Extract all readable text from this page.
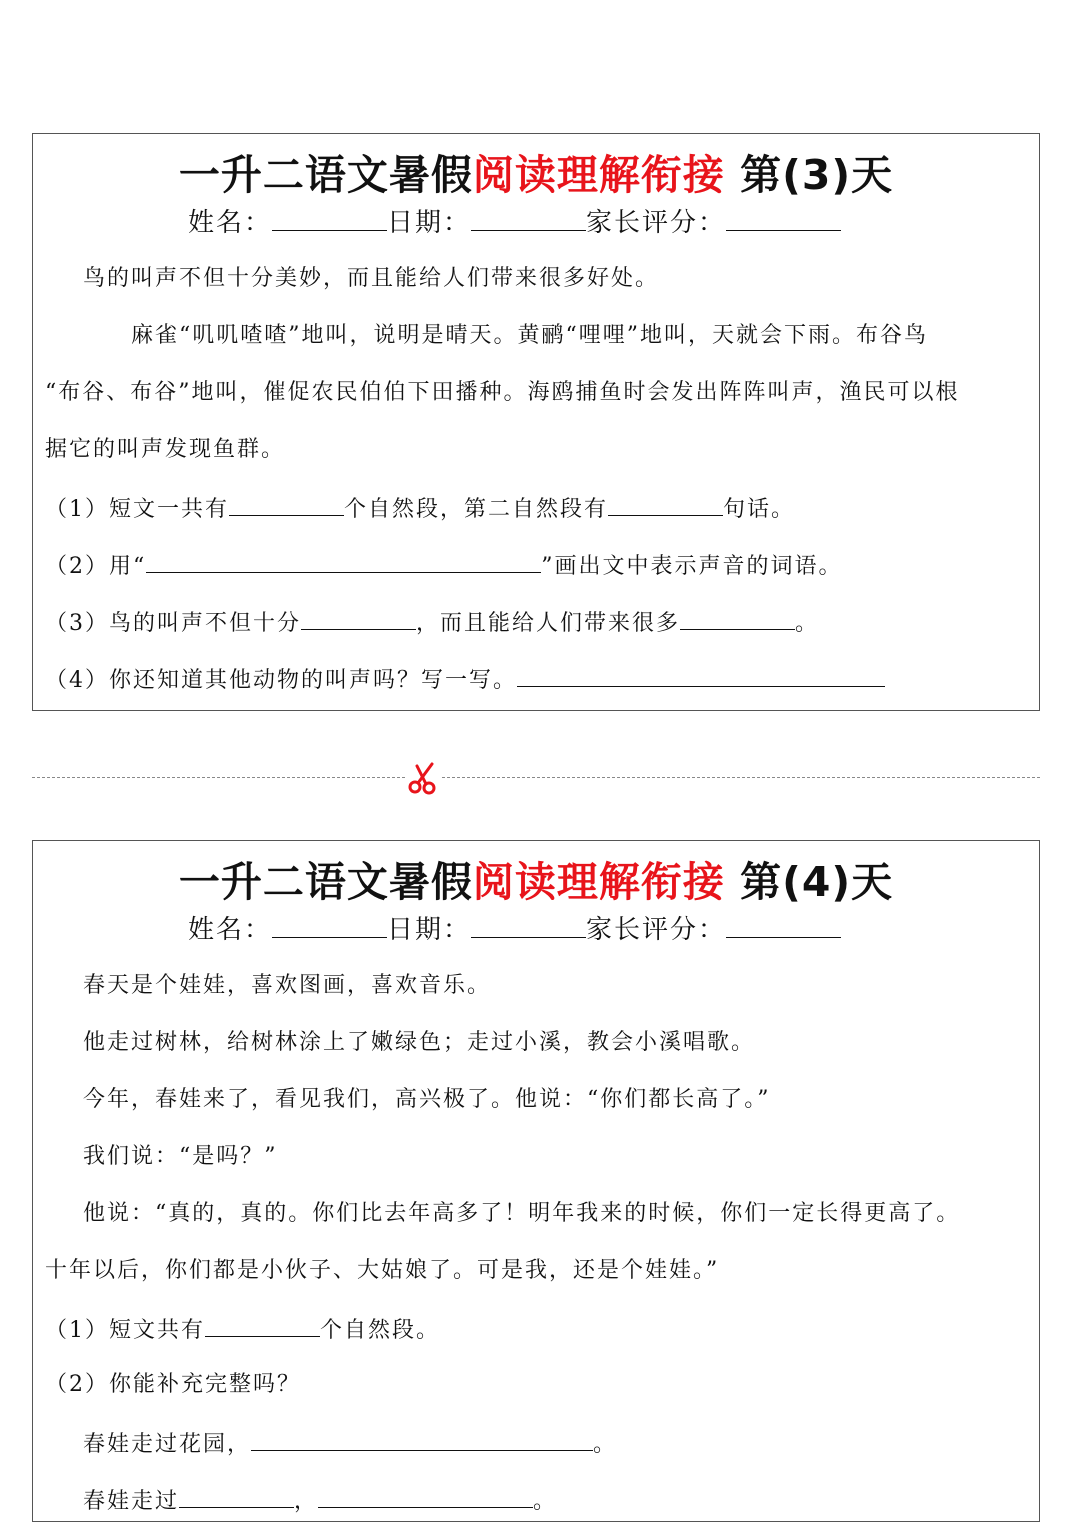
一升二语文暑假阅读理解衔接 第(3)天
姓名：	日期：	家长评分：
鸟的叫声不但十分美妙，而且能给人们带来很多好处。
麻雀“叽叽喳喳”地叫，说明是晴天。黄鹂“哩哩”地叫，天就会下雨。布谷鸟
“布谷、布谷”地叫，催促农民伯伯下田播种。海鸥捕鱼时会发出阵阵叫声，渔民可以根
据它的叫声发现鱼群。
（1）短文一共有	个自然段，第二自然段有	句话。
（2）用“	”画出文中表示声音的词语。
（3）鸟的叫声不但十分	，而且能给人们带来很多	。
（4）你还知道其他动物的叫声吗？写一写。
一升二语文暑假阅读理解衔接 第(4)天
姓名：	日期：	家长评分：
春天是个娃娃，喜欢图画，喜欢音乐。
他走过树林，给树林涂上了嫩绿色；走过小溪，教会小溪唱歌。
今年，春娃来了，看见我们，高兴极了。他说：“你们都长高了。”
我们说：“是吗？”
他说：“真的，真的。你们比去年高多了！明年我来的时候，你们一定长得更高了。
十年以后，你们都是小伙子、大姑娘了。可是我，还是个娃娃。”
（1）短文共有	个自然段。
（2）你能补充完整吗？
春娃走过花园，	。
春娃走过	，	。
